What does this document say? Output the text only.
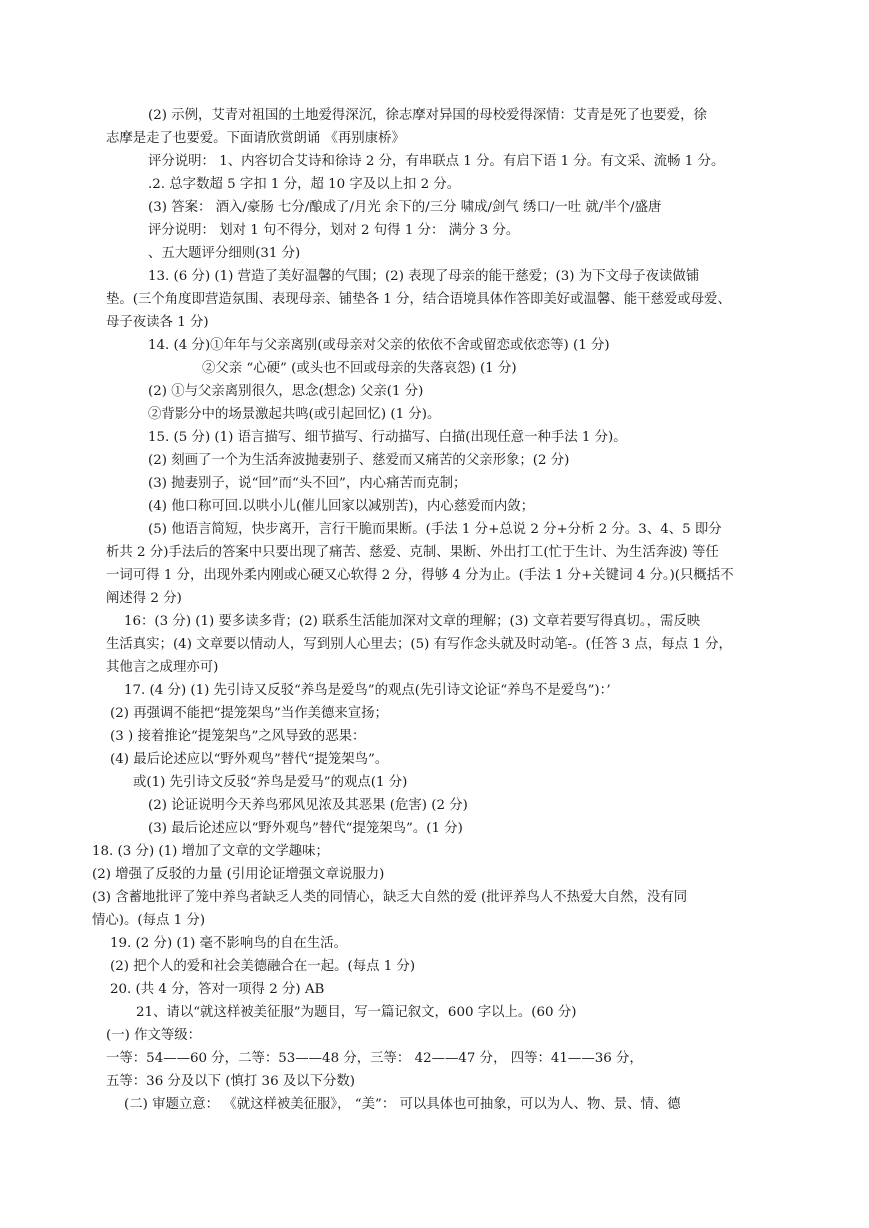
(2) 示例，艾青对祖国的土地爱得深沉，徐志摩对异国的母校爱得深情：艾青是死了也要爱，徐
志摩是走了也要爱。下面请欣赏朗诵 《再别康桥》
评分说明： 1、内容切合艾诗和徐诗 2 分，有串联点 1 分。有启下语 1 分。有文采、流畅 1 分。
.2. 总字数超 5 字扣 1 分，超 10 字及以上扣 2 分。
(3) 答案： 酒入/豪肠 七分/酿成了/月光 余下的/三分 啸成/剑气 绣口/一吐 就/半个/盛唐
评分说明： 划对 1 句不得分，划对 2 句得 1 分： 满分 3 分。
、五大题评分细则(31 分)
13. (6 分) (1) 营造了美好温馨的气围；(2) 表现了母亲的能干慈爱；(3) 为下文母子夜读做铺
垫。(三个角度即营造氛围、表现母亲、铺垫各 1 分，结合语境具体作答即美好或温馨、能干慈爱或母爱、
母子夜读各 1 分)
14. (4 分)①年年与父亲离别(或母亲对父亲的依依不舍或留恋或依恋等) (1 分)
②父亲 “心硬” (或头也不回或母亲的失落哀怨) (1 分)
(2) ①与父亲离别很久，思念(想念) 父亲(1 分)
②背影分中的场景激起共鸣(或引起回忆) (1 分)。
15. (5 分) (1) 语言描写、细节描写、行动描写、白描(出现任意一种手法 1 分)。
(2) 刻画了一个为生活奔波抛妻别子、慈爱而又痛苦的父亲形象；(2 分)
(3) 抛妻别子，说“回”而“头不回”，内心痛苦而克制；
(4) 他口称可回.以哄小儿(催儿回家以减别苦)，内心慈爱而内敛；
(5) 他语言简短，快步离开，言行干脆而果断。(手法 1 分+总说 2 分+分析 2 分。3、4、5 即分
析共 2 分)手法后的答案中只要出现了痛苦、慈爱、克制、果断、外出打工(忙于生计、为生活奔波) 等任
一词可得 1 分，出现外柔内刚或心硬又心软得 2 分，得够 4 分为止。(手法 1 分+关键词 4 分。)(只概括不
阐述得 2 分)
16：(3 分) (1) 要多读多背；(2) 联系生活能加深对文章的理解；(3) 文章若要写得真切。，需反映
生活真实；(4) 文章要以情动人，写到别人心里去；(5) 有写作念头就及时动笔-。(任答 3 点，每点 1 分，
其他言之成理亦可)
17. (4 分) (1) 先引诗又反驳“养鸟是爱鸟”的观点(先引诗文论证“养鸟不是爱鸟”)：’
(2) 再强调不能把“提笼架鸟”当作美德来宣扬；
(3 ) 接着推论“提笼架鸟”之风导致的恶果：
(4) 最后论述应以“野外观鸟”替代“提笼架鸟”。
或(1) 先引诗文反驳“养鸟是爱马”的观点(1 分)
(2) 论证说明今天养鸟邪风见浓及其恶果 (危害) (2 分)
(3) 最后论述应以“野外观鸟”替代“提笼架鸟”。(1 分)
18. (3 分) (1) 增加了文章的文学趣味；
(2) 增强了反驳的力量 (引用论证增强文章说服力)
(3) 含蓄地批评了笼中养鸟者缺乏人类的同情心，缺乏大自然的爱 (批评养鸟人不热爱大自然，没有同
情心)。(每点 1 分)
19. (2 分) (1) 毫不影响鸟的自在生活。
(2) 把个人的爱和社会美德融合在一起。(每点 1 分)
20. (共 4 分，答对一项得 2 分) AB
21、请以“就这样被美征服”为题目，写一篇记叙文，600 字以上。(60 分)
(一) 作文等级：
一等：54——60 分，二等：53——48 分，三等： 42——47 分， 四等：41——36 分，
五等：36 分及以下 (慎打 36 及以下分数)
(二) 审题立意： 《就这样被美征服》， “美”： 可以具体也可抽象，可以为人、物、景、情、德
